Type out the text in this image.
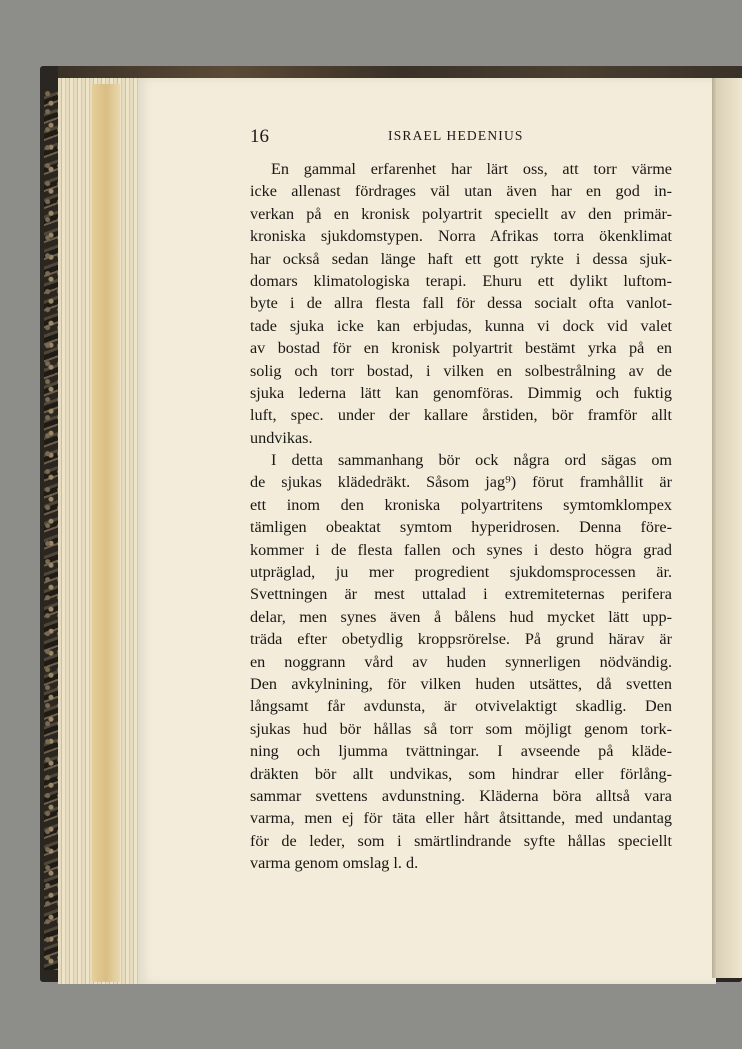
16	ISRAEL HEDENIUS
En gammal erfarenhet har lärt oss, att torr värme
icke allenast fördrages väl utan även har en god in-
verkan på en kronisk polyartrit speciellt av den primär-
kroniska sjukdomstypen. Norra Afrikas torra ökenklimat
har också sedan länge haft ett gott rykte i dessa sjuk-
domars klimatologiska terapi. Ehuru ett dylikt luftom-
byte i de allra flesta fall för dessa socialt ofta vanlot-
tade sjuka icke kan erbjudas, kunna vi dock vid valet
av bostad för en kronisk polyartrit bestämt yrka på en
solig och torr bostad, i vilken en solbestrålning av de
sjuka lederna lätt kan genomföras. Dimmig och fuktig
luft, spec. under der kallare årstiden, bör framför allt
undvikas.
I detta sammanhang bör ock några ord sägas om
de sjukas klädedräkt. Såsom jag⁹) förut framhållit är
ett inom den kroniska polyartritens symtomklompex
tämligen obeaktat symtom hyperidrosen. Denna före-
kommer i de flesta fallen och synes i desto högra grad
utpräglad, ju mer progredient sjukdomsprocessen är.
Svettningen är mest uttalad i extremiteternas perifera
delar, men synes även å bålens hud mycket lätt upp-
träda efter obetydlig kroppsrörelse. På grund härav är
en noggrann vård av huden synnerligen nödvändig.
Den avkylnining, för vilken huden utsättes, då svetten
långsamt får avdunsta, är otvivelaktigt skadlig. Den
sjukas hud bör hållas så torr som möjligt genom tork-
ning och ljumma tvättningar. I avseende på kläde-
dräkten bör allt undvikas, som hindrar eller förlång-
sammar svettens avdunstning. Kläderna böra alltså vara
varma, men ej för täta eller hårt åtsittande, med undantag
för de leder, som i smärtlindrande syfte hållas speciellt
varma genom omslag l. d.
